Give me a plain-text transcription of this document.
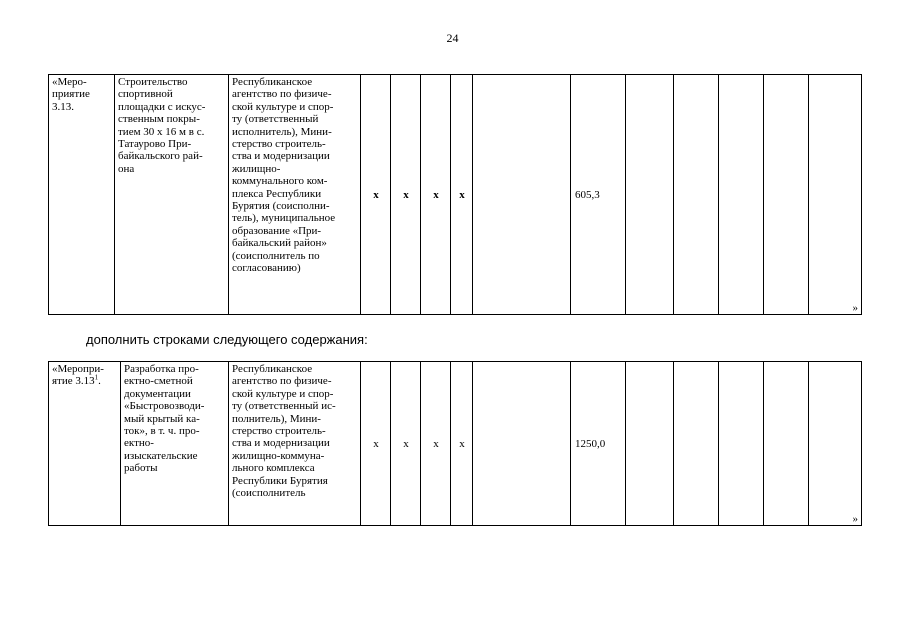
24
«Меро-
приятие
3.13.	Строительство
спортивной
площадки с искус-
ственным покры-
тием 30 х 16 м в с.
Татаурово При-
байкальского рай-
она	Республиканское
агентство по физиче-
ской культуре и спор-
ту (ответственный
исполнитель), Мини-
стерство строитель-
ства и модернизации
жилищно-
коммунального ком-
плекса Республики
Бурятия (соисполни-
тель), муниципальное
образование «При-
байкальский район»
(соисполнитель по
согласованию)	х	х	х	х		605,3					»
дополнить строками следующего содержания:
«Меропри-
ятие 3.13$^1$.	Разработка про-
ектно-сметной
документации
«Быстровозводи-
мый крытый ка-
ток», в т. ч. про-
ектно-
изыскательские
работы	Республиканское
агентство по физиче-
ской культуре и спор-
ту (ответственный ис-
полнитель), Мини-
стерство строитель-
ства и модернизации
жилищно-коммуна-
льного комплекса
Республики Бурятия
(соисполнитель	х	х	х	х		1250,0					»
